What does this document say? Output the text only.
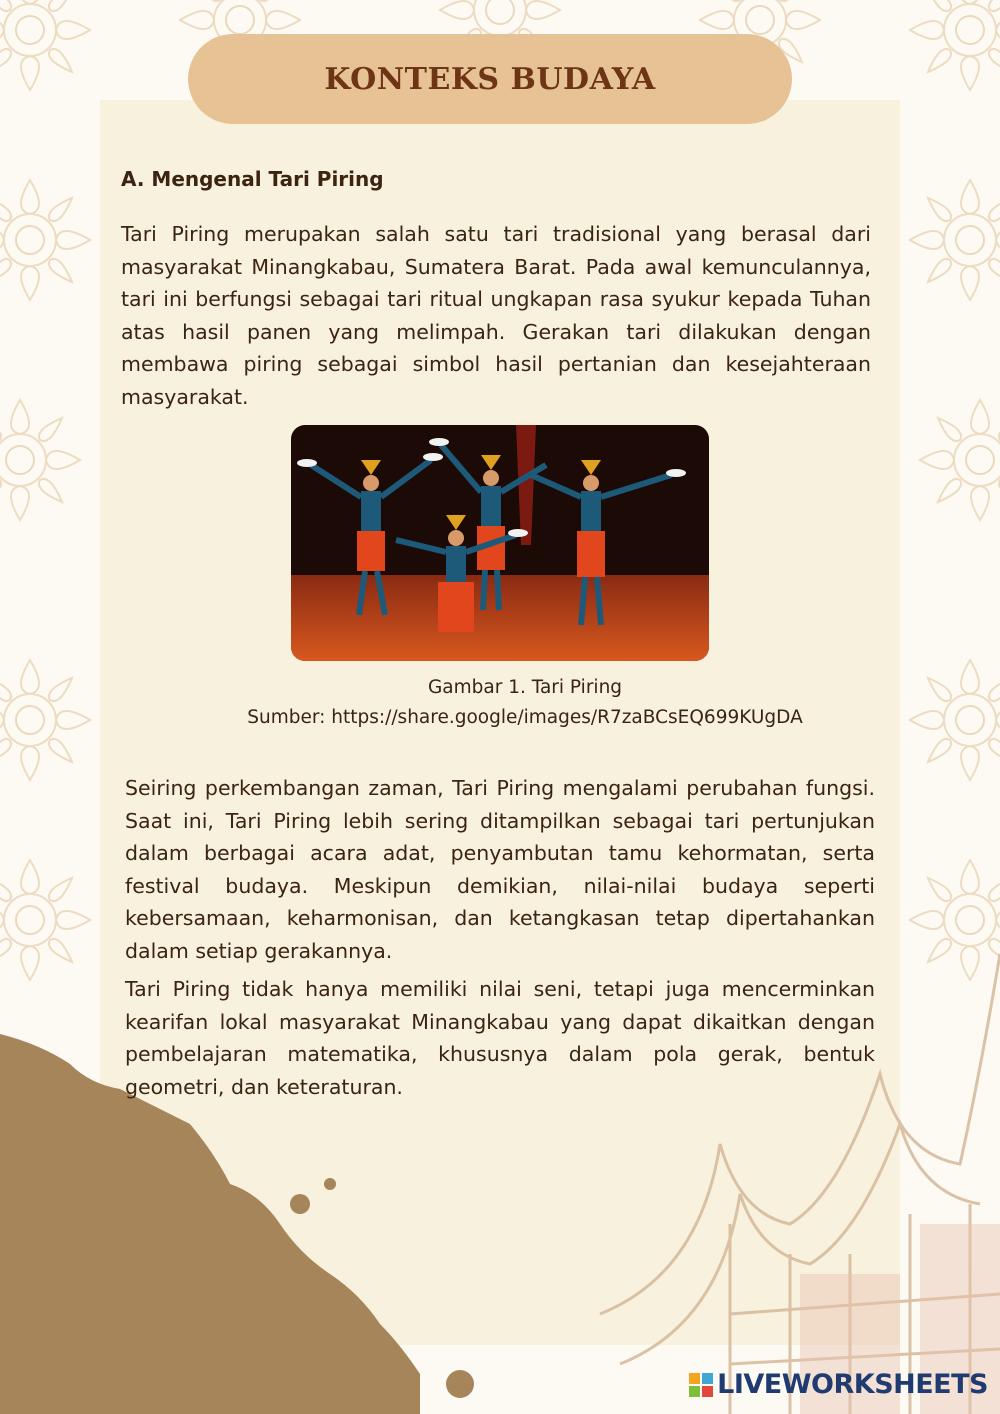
KONTEKS BUDAYA
A. Mengenal Tari Piring

Tari Piring merupakan salah satu tari tradisional yang berasal dari masyarakat Minangkabau, Sumatera Barat. Pada awal kemunculannya, tari ini berfungsi sebagai tari ritual ungkapan rasa syukur kepada Tuhan atas hasil panen yang melimpah. Gerakan tari dilakukan dengan membawa piring sebagai simbol hasil pertanian dan kesejahteraan masyarakat.

Gambar 1. Tari Piring
Sumber: https://share.google/images/R7zaBCsEQ699KUgDA

Seiring perkembangan zaman, Tari Piring mengalami perubahan fungsi. Saat ini, Tari Piring lebih sering ditampilkan sebagai tari pertunjukan dalam berbagai acara adat, penyambutan tamu kehormatan, serta festival budaya. Meskipun demikian, nilai-nilai budaya seperti kebersamaan, keharmonisan, dan ketangkasan tetap dipertahankan dalam setiap gerakannya.

Tari Piring tidak hanya memiliki nilai seni, tetapi juga mencerminkan kearifan lokal masyarakat Minangkabau yang dapat dikaitkan dengan pembelajaran matematika, khususnya dalam pola gerak, bentuk geometri, dan keteraturan.

LIVEWORKSHEETS
